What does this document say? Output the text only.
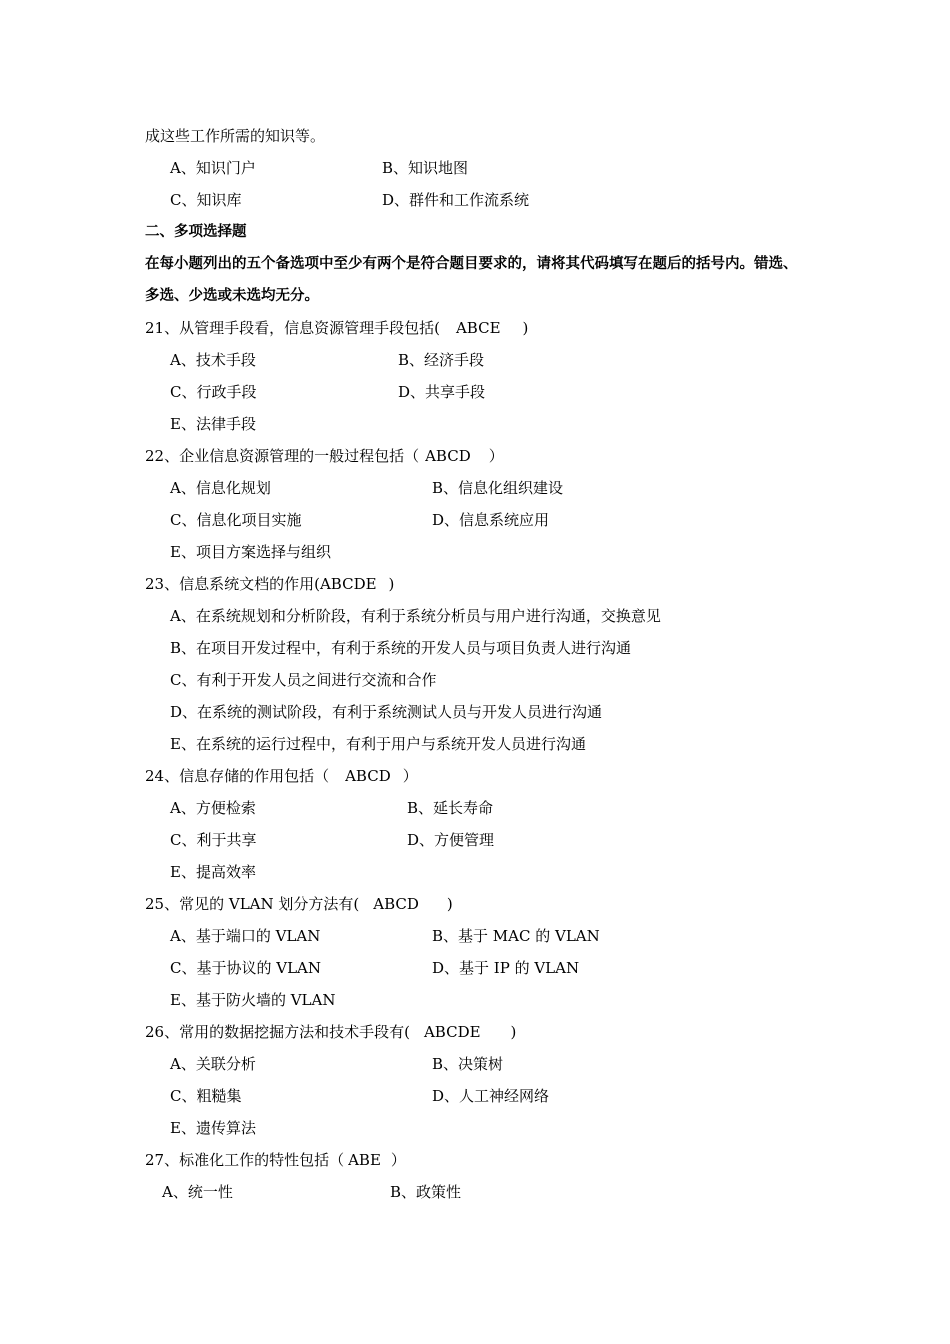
成这些工作所需的知识等。
A、知识门户	B、知识地图
C、知识库	D、群件和工作流系统
二、多项选择题
在每小题列出的五个备选项中至少有两个是符合题目要求的，请将其代码填写在题后的括号内。错选、
多选、少选或未选均无分。
21、从管理手段看，信息资源管理手段包括( ABCE )
A、技术手段	B、经济手段
C、行政手段	D、共享手段
E、法律手段
22、企业信息资源管理的一般过程包括（ ABCD ）
A、信息化规划	B、信息化组织建设
C、信息化项目实施	D、信息系统应用
E、项目方案选择与组织
23、信息系统文档的作用(ABCDE )
A、在系统规划和分析阶段，有利于系统分析员与用户进行沟通，交换意见
B、在项目开发过程中，有利于系统的开发人员与项目负责人进行沟通
C、有利于开发人员之间进行交流和合作
D、在系统的测试阶段，有利于系统测试人员与开发人员进行沟通
E、在系统的运行过程中，有利于用户与系统开发人员进行沟通
24、信息存储的作用包括（ ABCD ）
A、方便检索	B、延长寿命
C、利于共享	D、方便管理
E、提高效率
25、常见的 VLAN 划分方法有( ABCD )
A、基于端口的 VLAN	B、基于 MAC 的 VLAN
C、基于协议的 VLAN	D、基于 IP 的 VLAN
E、基于防火墙的 VLAN
26、常用的数据挖掘方法和技术手段有( ABCDE )
A、关联分析	B、决策树
C、粗糙集	D、人工神经网络
E、遗传算法
27、标准化工作的特性包括（ ABE ）
A、统一性	B、政策性
